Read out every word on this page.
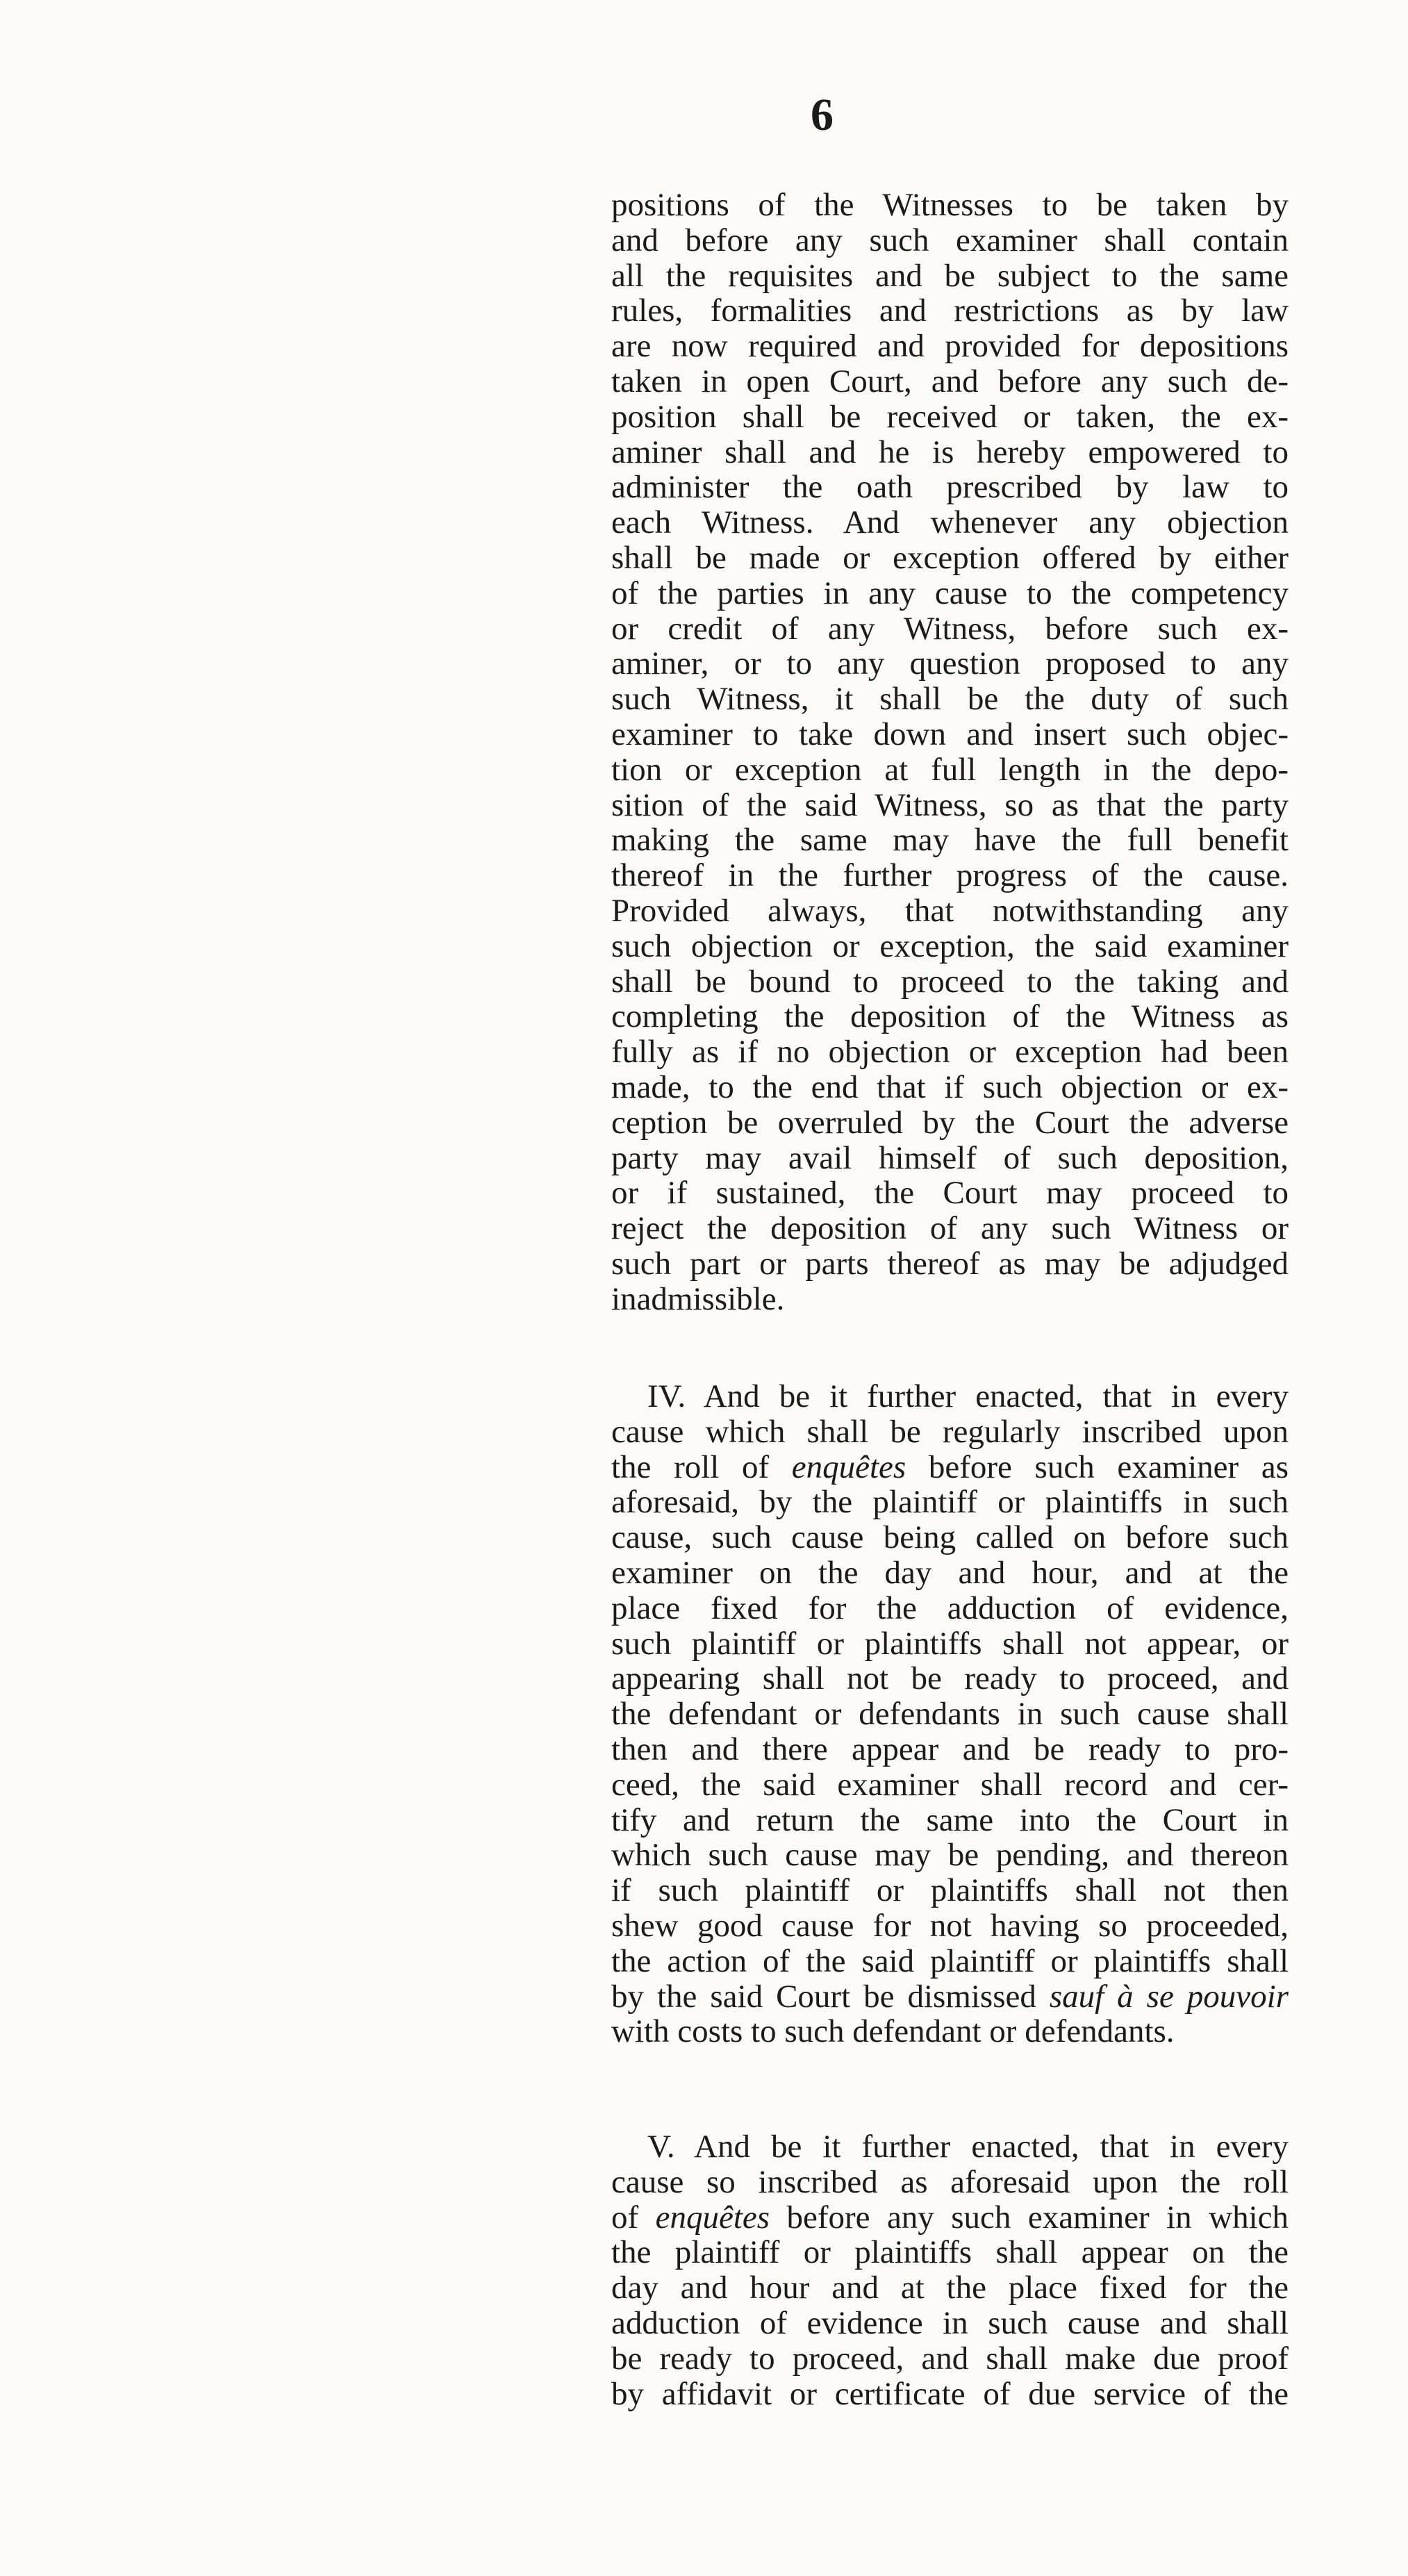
6
positions of the Witnesses to be taken by
and before any such examiner shall contain
all the requisites and be subject to the same
rules, formalities and restrictions as by law
are now required and provided for depositions
taken in open Court, and before any such de-
position shall be received or taken, the ex-
aminer shall and he is hereby empowered to
administer the oath prescribed by law to
each Witness. And whenever any objection
shall be made or exception offered by either
of the parties in any cause to the competency
or credit of any Witness, before such ex-
aminer, or to any question proposed to any
such Witness, it shall be the duty of such
examiner to take down and insert such objec-
tion or exception at full length in the depo-
sition of the said Witness, so as that the party
making the same may have the full benefit
thereof in the further progress of the cause.
Provided always, that notwithstanding any
such objection or exception, the said examiner
shall be bound to proceed to the taking and
completing the deposition of the Witness as
fully as if no objection or exception had been
made, to the end that if such objection or ex-
ception be overruled by the Court the adverse
party may avail himself of such deposition,
or if sustained, the Court may proceed to
reject the deposition of any such Witness or
such part or parts thereof as may be adjudged
inadmissible.
IV. And be it further enacted, that in every
cause which shall be regularly inscribed upon
the roll of enquêtes before such examiner as
aforesaid, by the plaintiff or plaintiffs in such
cause, such cause being called on before such
examiner on the day and hour, and at the
place fixed for the adduction of evidence,
such plaintiff or plaintiffs shall not appear, or
appearing shall not be ready to proceed, and
the defendant or defendants in such cause shall
then and there appear and be ready to pro-
ceed, the said examiner shall record and cer-
tify and return the same into the Court in
which such cause may be pending, and thereon
if such plaintiff or plaintiffs shall not then
shew good cause for not having so proceeded,
the action of the said plaintiff or plaintiffs shall
by the said Court be dismissed sauf à se pouvoir
with costs to such defendant or defendants.
V. And be it further enacted, that in every
cause so inscribed as aforesaid upon the roll
of enquêtes before any such examiner in which
the plaintiff or plaintiffs shall appear on the
day and hour and at the place fixed for the
adduction of evidence in such cause and shall
be ready to proceed, and shall make due proof
by affidavit or certificate of due service of the
